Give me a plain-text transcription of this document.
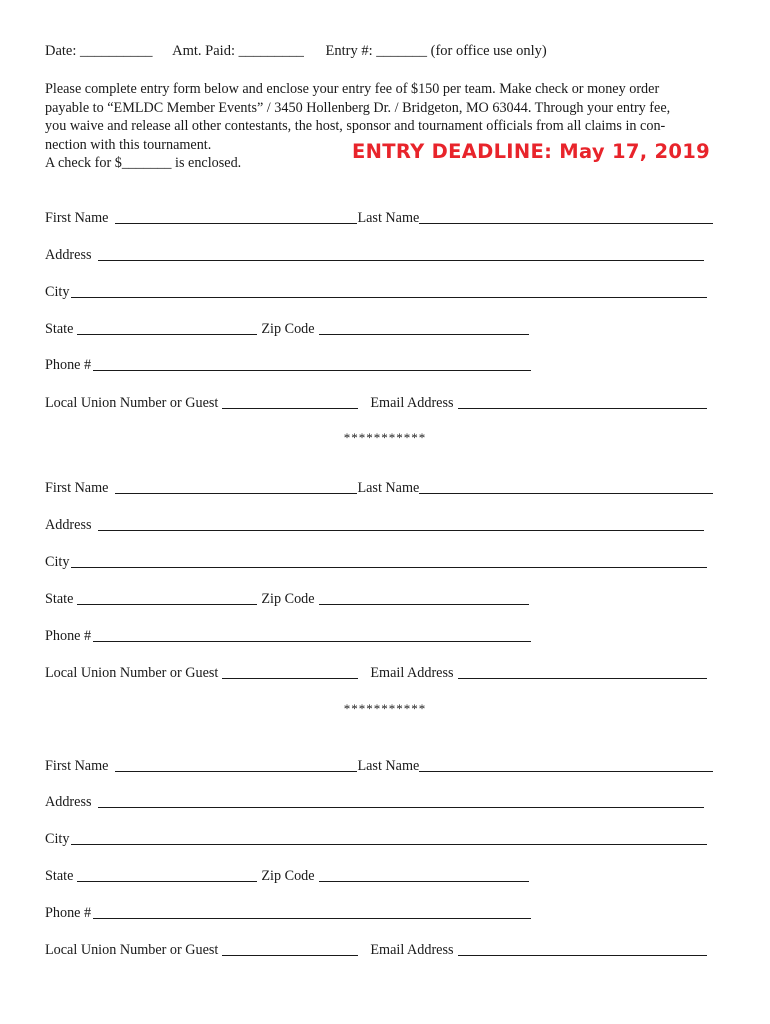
Date: __________ Amt. Paid: _________ Entry #: _______ (for office use only)
Please complete entry form below and enclose your entry fee of $150 per team. Make check or money order
payable to “EMLDC Member Events” / 3450 Hollenberg Dr. / Bridgeton, MO 63044. Through your entry fee,
you waive and release all other contestants, the host, sponsor and tournament officials from all claims in con-
nection with this tournament.
A check for $_______ is enclosed.	ENTRY DEADLINE: May 17, 2019
First Name	Last Name
Address
City
State	Zip Code
Phone #
Local Union Number or Guest	Email Address
***********
First Name	Last Name
Address
City
State	Zip Code
Phone #
Local Union Number or Guest	Email Address
***********
First Name	Last Name
Address
City
State	Zip Code
Phone #
Local Union Number or Guest	Email Address
